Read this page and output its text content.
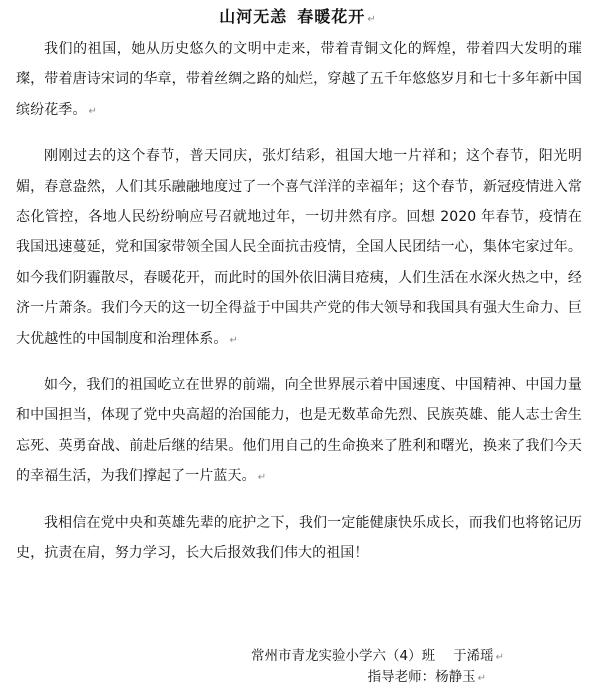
山河无恙 春暖花开 ↵

我们的祖国，她从历史悠久的文明中走来，带着青铜文化的辉煌，带着四大发明的璀璨，带着唐诗宋词的华章，带着丝绸之路的灿烂，穿越了五千年悠悠岁月和七十多年新中国缤纷花季。 ↵

刚刚过去的这个春节，普天同庆，张灯结彩，祖国大地一片祥和；这个春节，阳光明媚，春意盎然，人们其乐融融地度过了一个喜气洋洋的幸福年；这个春节，新冠疫情进入常态化管控，各地人民纷纷响应号召就地过年，一切井然有序。回想 2020 年春节，疫情在我国迅速蔓延，党和国家带领全国人民全面抗击疫情，全国人民团结一心，集体宅家过年。如今我们阴霾散尽，春暖花开，而此时的国外依旧满目疮痍，人们生活在水深火热之中，经济一片萧条。我们今天的这一切全得益于中国共产党的伟大领导和我国具有强大生命力、巨大优越性的中国制度和治理体系。 ↵

如今，我们的祖国屹立在世界的前端，向全世界展示着中国速度、中国精神、中国力量和中国担当，体现了党中央高超的治国能力，也是无数革命先烈、民族英雄、能人志士舍生忘死、英勇奋战、前赴后继的结果。他们用自己的生命换来了胜利和曙光，换来了我们今天的幸福生活，为我们撑起了一片蓝天。 ↵

我相信在党中央和英雄先辈的庇护之下，我们一定能健康快乐成长，而我们也将铭记历史，抗责在肩，努力学习，长大后报效我们伟大的祖国！

常州市青龙实验小学六（4）班 于浠瑶 ↵
指导老师：杨静玉 ↵
